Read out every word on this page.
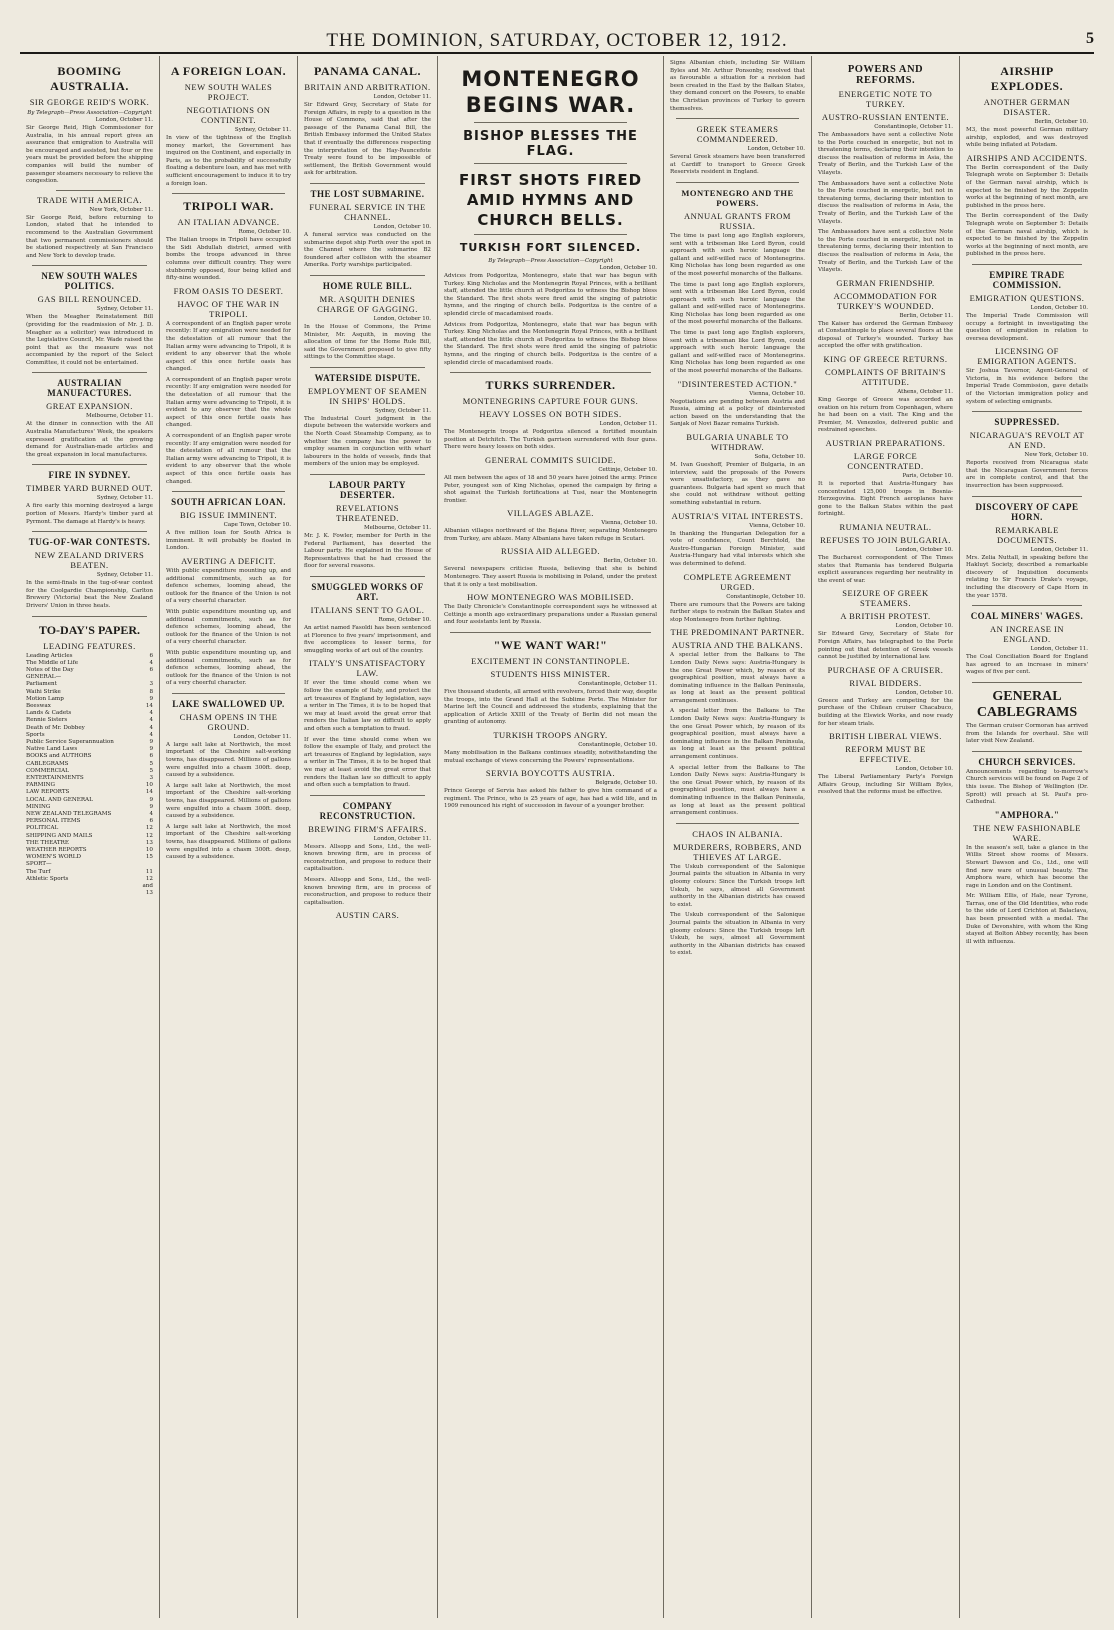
THE DOMINION, SATURDAY, OCTOBER 12, 1912.	5
BOOMING AUSTRALIA.
SIR GEORGE REID'S WORK.
By Telegraph—Press Association—Copyright
London, October 11.

Sir George Reid, High Commissioner for Australia, in his annual report gives an assurance that emigration to Australia will be encouraged and assisted, but four or five years must be provided before the shipping companies will build the number of passenger steamers necessary to relieve the congestion.

TRADE WITH AMERICA.
New York, October 11.

Sir George Reid, before returning to London, stated that he intended to recommend to the Australian Government that two permanent commissioners should be stationed respectively at San Francisco and New York to develop trade.

NEW SOUTH WALES POLITICS.
GAS BILL RENOUNCED.
Sydney, October 11.

When the Meagher Reinstatement Bill (providing for the readmission of Mr. J. D. Meagher as a solicitor) was introduced in the Legislative Council, Mr. Wade raised the point that as the measure was not accompanied by the report of the Select Committee, it could not be entertained.

AUSTRALIAN MANUFACTURES.
GREAT EXPANSION.
Melbourne, October 11.

At the dinner in connection with the All Australia Manufactures' Week, the speakers expressed gratification at the growing demand for Australian-made articles and the great expansion in local manufactures.

FIRE IN SYDNEY.
TIMBER YARD BURNED OUT.
Sydney, October 11.

A fire early this morning destroyed a large portion of Messrs. Hardy's timber yard at Pyrmont. The damage at Hardy's is heavy.

TUG-OF-WAR CONTESTS.
NEW ZEALAND DRIVERS BEATEN.
Sydney, October 11.

In the semi-finals in the tug-of-war contest for the Coolgardie Championship, Carlton Brewery (Victoria) beat the New Zealand Drivers' Union in three heats.

TO-DAY'S PAPER.
LEADING FEATURES.
Leading Articles	6
The Middle of Life	4
Notes of the Day	6
GENERAL—
Parliament	3
Waihi Strike	8
Motion Lamp	9
Beeswax	14
Lands & Cadets	4
Rennie Sisters	4
Death of Mr. Dobbey	4
Sports	4
Public Service Superannuation	9
Native Land Laws	9
BOOKS and AUTHORS	6
CABLEGRAMS	5
COMMERCIAL	5
ENTERTAINMENTS	3
FARMING	10
LAW REPORTS	14
LOCAL AND GENERAL	9
MINING	9
NEW ZEALAND TELEGRAMS	4
PERSONAL ITEMS	6
POLITICAL	12
SHIPPING AND MAILS	12
THE THEATRE	13
WEATHER REPORTS	10
WOMEN'S WORLD	15
SPORT—
The Turf	11
Athletic Sports	12 and 13
A FOREIGN LOAN.
NEW SOUTH WALES PROJECT.
NEGOTIATIONS ON CONTINENT.
Sydney, October 11.

In view of the tightness of the English money market, the Government has inquired on the Continent, and especially in Paris, as to the probability of successfully floating a debenture loan, and has met with sufficient encouragement to induce it to try a foreign loan.

TRIPOLI WAR.
AN ITALIAN ADVANCE.
Rome, October 10.

The Italian troops in Tripoli have occupied the Sidi Abdullah district, armed with bombs the troops advanced in three columns over difficult country. They were stubbornly opposed, four being killed and fifty-nine wounded.

FROM OASIS TO DESERT.
HAVOC OF THE WAR IN TRIPOLI.

A correspondent of an English paper wrote recently: If any emigration were needed for the detestation of all rumour that the Italian army were advancing to Tripoli, it is evident to any observer that the whole aspect of this once fertile oasis has changed.

A correspondent of an English paper wrote recently: If any emigration were needed for the detestation of all rumour that the Italian army were advancing to Tripoli, it is evident to any observer that the whole aspect of this once fertile oasis has changed.

A correspondent of an English paper wrote recently: If any emigration were needed for the detestation of all rumour that the Italian army were advancing to Tripoli, it is evident to any observer that the whole aspect of this once fertile oasis has changed.

SOUTH AFRICAN LOAN.
BIG ISSUE IMMINENT.
Cape Town, October 10.

A five million loan for South Africa is imminent. It will probably be floated in London.

AVERTING A DEFICIT.

With public expenditure mounting up, and additional commitments, such as for defence schemes, looming ahead, the outlook for the finance of the Union is not of a very cheerful character.

With public expenditure mounting up, and additional commitments, such as for defence schemes, looming ahead, the outlook for the finance of the Union is not of a very cheerful character.

With public expenditure mounting up, and additional commitments, such as for defence schemes, looming ahead, the outlook for the finance of the Union is not of a very cheerful character.

LAKE SWALLOWED UP.
CHASM OPENS IN THE GROUND.
London, October 11.

A large salt lake at Northwich, the most important of the Cheshire salt-working towns, has disappeared. Millions of gallons were engulfed into a chasm 300ft. deep, caused by a subsidence.

A large salt lake at Northwich, the most important of the Cheshire salt-working towns, has disappeared. Millions of gallons were engulfed into a chasm 300ft. deep, caused by a subsidence.

A large salt lake at Northwich, the most important of the Cheshire salt-working towns, has disappeared. Millions of gallons were engulfed into a chasm 300ft. deep, caused by a subsidence.

PANAMA CANAL.
BRITAIN AND ARBITRATION.
London, October 11.

Sir Edward Grey, Secretary of State for Foreign Affairs, in reply to a question in the House of Commons, said that after the passage of the Panama Canal Bill, the British Embassy informed the United States that if eventually the differences respecting the interpretation of the Hay-Pauncefote Treaty were found to be impossible of settlement, the British Government would ask for arbitration.

THE LOST SUBMARINE.
FUNERAL SERVICE IN THE CHANNEL.
London, October 10.

A funeral service was conducted on the submarine depot ship Forth over the spot in the Channel where the submarine B2 foundered after collision with the steamer Amerika. Forty warships participated.

HOME RULE BILL.
MR. ASQUITH DENIES CHARGE OF GAGGING.
London, October 10.

In the House of Commons, the Prime Minister, Mr. Asquith, in moving the allocation of time for the Home Rule Bill, said the Government proposed to give fifty sittings to the Committee stage.

WATERSIDE DISPUTE.
EMPLOYMENT OF SEAMEN IN SHIPS' HOLDS.
Sydney, October 11.

The Industrial Court judgment in the dispute between the waterside workers and the North Coast Steamship Company, as to whether the company has the power to employ seamen in conjunction with wharf labourers in the holds of vessels, finds that members of the union may be employed.

LABOUR PARTY DESERTER.
REVELATIONS THREATENED.
Melbourne, October 11.

Mr. J. K. Fowler, member for Perth in the Federal Parliament, has deserted the Labour party. He explained in the House of Representatives that he had crossed the floor for several reasons.

SMUGGLED WORKS OF ART.
ITALIANS SENT TO GAOL.
Rome, October 10.

An artist named Fasoldi has been sentenced at Florence to five years' imprisonment, and five accomplices to lesser terms, for smuggling works of art out of the country.

ITALY'S UNSATISFACTORY LAW.

If ever the time should come when we follow the example of Italy, and protect the art treasures of England by legislation, says a writer in The Times, it is to be hoped that we may at least avoid the great error that renders the Italian law so difficult to apply and often such a temptation to fraud.

If ever the time should come when we follow the example of Italy, and protect the art treasures of England by legislation, says a writer in The Times, it is to be hoped that we may at least avoid the great error that renders the Italian law so difficult to apply and often such a temptation to fraud.

COMPANY RECONSTRUCTION.
BREWING FIRM'S AFFAIRS.
London, October 11.

Messrs. Allsopp and Sons, Ltd., the well-known brewing firm, are in process of reconstruction, and propose to reduce their capitalisation.

Messrs. Allsopp and Sons, Ltd., the well-known brewing firm, are in process of reconstruction, and propose to reduce their capitalisation.

AUSTIN CARS.
MONTENEGRO BEGINS WAR.
BISHOP BLESSES THE FLAG.
FIRST SHOTS FIRED AMID HYMNS AND CHURCH BELLS.
TURKISH FORT SILENCED.
By Telegraph—Press Association—Copyright
London, October 10.

Advices from Podgoritza, Montenegro, state that war has begun with Turkey. King Nicholas and the Montenegrin Royal Princes, with a brilliant staff, attended the little church at Podgoritza to witness the Bishop bless the Standard. The first shots were fired amid the singing of patriotic hymns, and the ringing of church bells. Podgoritza is the centre of a splendid circle of macadamised roads.

Advices from Podgoritza, Montenegro, state that war has begun with Turkey. King Nicholas and the Montenegrin Royal Princes, with a brilliant staff, attended the little church at Podgoritza to witness the Bishop bless the Standard. The first shots were fired amid the singing of patriotic hymns, and the ringing of church bells. Podgoritza is the centre of a splendid circle of macadamised roads.

TURKS SURRENDER.
MONTENEGRINS CAPTURE FOUR GUNS.
HEAVY LOSSES ON BOTH SIDES.
London, October 11.

The Montenegrin troops at Podgoritza silenced a fortified mountain position at Detchitch. The Turkish garrison surrendered with four guns. There were heavy losses on both sides.

GENERAL COMMITS SUICIDE.
Cettinje, October 10.

All men between the ages of 18 and 50 years have joined the army. Prince Peter, youngest son of King Nicholas, opened the campaign by firing a shot against the Turkish fortifications at Tusi, near the Montenegrin frontier.

VILLAGES ABLAZE.
Vienna, October 10.

Albanian villages northward of the Bojana River, separating Montenegro from Turkey, are ablaze. Many Albanians have taken refuge in Scutari.

RUSSIA AID ALLEGED.
Berlin, October 10.

Several newspapers criticise Russia, believing that she is behind Montenegro. They assert Russia is mobilising in Poland, under the pretext that it is only a test mobilisation.

HOW MONTENEGRO WAS MOBILISED.

The Daily Chronicle's Constantinople correspondent says he witnessed at Cettinje a month ago extraordinary preparations under a Russian general and four assistants lent by Russia.

"WE WANT WAR!"
EXCITEMENT IN CONSTANTINOPLE.
STUDENTS HISS MINISTER.
Constantinople, October 11.

Five thousand students, all armed with revolvers, forced their way, despite the troops, into the Grand Hall at the Sublime Porte. The Minister for Marine left the Council and addressed the students, explaining that the application of Article XXIII of the Treaty of Berlin did not mean the granting of autonomy.

TURKISH TROOPS ANGRY.
Constantinople, October 10.

Many mobilisation in the Balkans continues steadily, notwithstanding the mutual exchange of views concerning the Powers' representations.

SERVIA BOYCOTTS AUSTRIA.
Belgrade, October 10.

Prince George of Servia has asked his father to give him command of a regiment. The Prince, who is 25 years of age, has had a wild life, and in 1909 renounced his right of succession in favour of a younger brother.

Signs Albanian chiefs, including Sir William Byles and Mr. Arthur Ponsonby, resolved that as favourable a situation for a revision had been created in the East by the Balkan States, they demand concert on the Powers, to enable the Christian provinces of Turkey to govern themselves.

GREEK STEAMERS COMMANDEERED.
London, October 10.

Several Greek steamers have been transferred at Cardiff to transport to Greece Greek Reservists resident in England.

MONTENEGRO AND THE POWERS.
ANNUAL GRANTS FROM RUSSIA.

The time is past long ago English explorers, sent with a tribesman like Lord Byron, could approach with such heroic language the gallant and self-willed race of Montenegrins. King Nicholas has long been regarded as one of the most powerful monarchs of the Balkans.

The time is past long ago English explorers, sent with a tribesman like Lord Byron, could approach with such heroic language the gallant and self-willed race of Montenegrins. King Nicholas has long been regarded as one of the most powerful monarchs of the Balkans.

The time is past long ago English explorers, sent with a tribesman like Lord Byron, could approach with such heroic language the gallant and self-willed race of Montenegrins. King Nicholas has long been regarded as one of the most powerful monarchs of the Balkans.

"DISINTERESTED ACTION."
Vienna, October 10.

Negotiations are pending between Austria and Russia, aiming at a policy of disinterested action based on the understanding that the Sanjak of Novi Bazar remains Turkish.

BULGARIA UNABLE TO WITHDRAW.
Sofia, October 10.

M. Ivan Gueshoff, Premier of Bulgaria, in an interview, said the proposals of the Powers were unsatisfactory, as they gave no guarantees. Bulgaria had spent so much that she could not withdraw without getting something substantial in return.

AUSTRIA'S VITAL INTERESTS.
Vienna, October 10.

In thanking the Hungarian Delegation for a vote of confidence, Count Berchtold, the Austro-Hungarian Foreign Minister, said Austria-Hungary had vital interests which she was determined to defend.

COMPLETE AGREEMENT URGED.
Constantinople, October 10.

There are rumours that the Powers are taking further steps to restrain the Balkan States and stop Montenegro from further fighting.

THE PREDOMINANT PARTNER.
AUSTRIA AND THE BALKANS.

A special letter from the Balkans to The London Daily News says: Austria-Hungary is the one Great Power which, by reason of its geographical position, must always have a dominating influence in the Balkan Peninsula, as long at least as the present political arrangement continues.

A special letter from the Balkans to The London Daily News says: Austria-Hungary is the one Great Power which, by reason of its geographical position, must always have a dominating influence in the Balkan Peninsula, as long at least as the present political arrangement continues.

A special letter from the Balkans to The London Daily News says: Austria-Hungary is the one Great Power which, by reason of its geographical position, must always have a dominating influence in the Balkan Peninsula, as long at least as the present political arrangement continues.

CHAOS IN ALBANIA.
MURDERERS, ROBBERS, AND THIEVES AT LARGE.

The Uskub correspondent of the Salonique Journal paints the situation in Albania in very gloomy colours: Since the Turkish troops left Uskub, he says, almost all Government authority in the Albanian districts has ceased to exist.

The Uskub correspondent of the Salonique Journal paints the situation in Albania in very gloomy colours: Since the Turkish troops left Uskub, he says, almost all Government authority in the Albanian districts has ceased to exist.

POWERS AND REFORMS.
ENERGETIC NOTE TO TURKEY.
AUSTRO-RUSSIAN ENTENTE.
Constantinople, October 11.

The Ambassadors have sent a collective Note to the Porte couched in energetic, but not in threatening terms, declaring their intention to discuss the realisation of reforms in Asia, the Treaty of Berlin, and the Turkish Law of the Vilayets.

The Ambassadors have sent a collective Note to the Porte couched in energetic, but not in threatening terms, declaring their intention to discuss the realisation of reforms in Asia, the Treaty of Berlin, and the Turkish Law of the Vilayets.

The Ambassadors have sent a collective Note to the Porte couched in energetic, but not in threatening terms, declaring their intention to discuss the realisation of reforms in Asia, the Treaty of Berlin, and the Turkish Law of the Vilayets.

GERMAN FRIENDSHIP.
ACCOMMODATION FOR TURKEY'S WOUNDED.
Berlin, October 11.

The Kaiser has ordered the German Embassy at Constantinople to place several floors at the disposal of Turkey's wounded. Turkey has accepted the offer with gratification.

KING OF GREECE RETURNS.
COMPLAINTS OF BRITAIN'S ATTITUDE.
Athens, October 11.

King George of Greece was accorded an ovation on his return from Copenhagen, where he had been on a visit. The King and the Premier, M. Venezelos, delivered public and restrained speeches.

AUSTRIAN PREPARATIONS.
LARGE FORCE CONCENTRATED.
Paris, October 10.

It is reported that Austria-Hungary has concentrated 125,000 troops in Bosnia-Herzegovina. Eight French aeroplanes have gone to the Balkan States within the past fortnight.

RUMANIA NEUTRAL.
REFUSES TO JOIN BULGARIA.
London, October 10.

The Bucharest correspondent of The Times states that Rumania has tendered Bulgaria explicit assurances regarding her neutrality in the event of war.

SEIZURE OF GREEK STEAMERS.
A BRITISH PROTEST.
London, October 10.

Sir Edward Grey, Secretary of State for Foreign Affairs, has telegraphed to the Porte pointing out that detention of Greek vessels cannot be justified by international law.

PURCHASE OF A CRUISER.
RIVAL BIDDERS.
London, October 10.

Greece and Turkey are competing for the purchase of the Chilean cruiser Chacabuco, building at the Elswick Works, and now ready for her steam trials.

BRITISH LIBERAL VIEWS.
REFORM MUST BE EFFECTIVE.
London, October 10.

The Liberal Parliamentary Party's Foreign Affairs Group, including Sir William Byles, resolved that the reforms must be effective.

AIRSHIP EXPLODES.
ANOTHER GERMAN DISASTER.
Berlin, October 10.

M3, the most powerful German military airship, exploded, and was destroyed while being inflated at Potsdam.

AIRSHIPS AND ACCIDENTS.

The Berlin correspondent of the Daily Telegraph wrote on September 5: Details of the German naval airship, which is expected to be finished by the Zeppelin works at the beginning of next month, are published in the press here.

The Berlin correspondent of the Daily Telegraph wrote on September 5: Details of the German naval airship, which is expected to be finished by the Zeppelin works at the beginning of next month, are published in the press here.

EMPIRE TRADE COMMISSION.
EMIGRATION QUESTIONS.
London, October 10.

The Imperial Trade Commission will occupy a fortnight in investigating the question of emigration in relation to oversea development.

LICENSING OF EMIGRATION AGENTS.

Sir Joshua Tavernor, Agent-General of Victoria, in his evidence before the Imperial Trade Commission, gave details of the Victorian immigration policy and system of selecting emigrants.

SUPPRESSED.
NICARAGUA'S REVOLT AT AN END.
New York, October 10.

Reports received from Nicaragua state that the Nicaraguan Government forces are in complete control, and that the insurrection has been suppressed.

DISCOVERY OF CAPE HORN.
REMARKABLE DOCUMENTS.
London, October 11.

Mrs. Zelia Nuttall, in speaking before the Hakluyt Society, described a remarkable discovery of Inquisition documents relating to Sir Francis Drake's voyage, including the discovery of Cape Horn in the year 1578.

COAL MINERS' WAGES.
AN INCREASE IN ENGLAND.
London, October 11.

The Coal Conciliation Board for England has agreed to an increase in miners' wages of five per cent.

GENERAL CABLEGRAMS

The German cruiser Cormoran has arrived from the Islands for overhaul. She will later visit New Zealand.

CHURCH SERVICES.

Announcements regarding to-morrow's Church services will be found on Page 2 of this issue. The Bishop of Wellington (Dr. Sprott) will preach at St. Paul's pro-Cathedral.

"AMPHORA."
THE NEW FASHIONABLE WARE.

In the season's sell, take a glance in the Willis Street show rooms of Messrs. Stewart Dawson and Co., Ltd., one will find new ware of unusual beauty. The Amphora ware, which has become the rage in London and on the Continent.

Mr. William Ellis, of Hale, near Tyrone, Tarras, one of the Old Identities, who rode to the side of Lord Crichton at Balaclava, has been presented with a medal. The Duke of Devonshire, with whom the King stayed at Bolton Abbey recently, has been ill with influenza.
